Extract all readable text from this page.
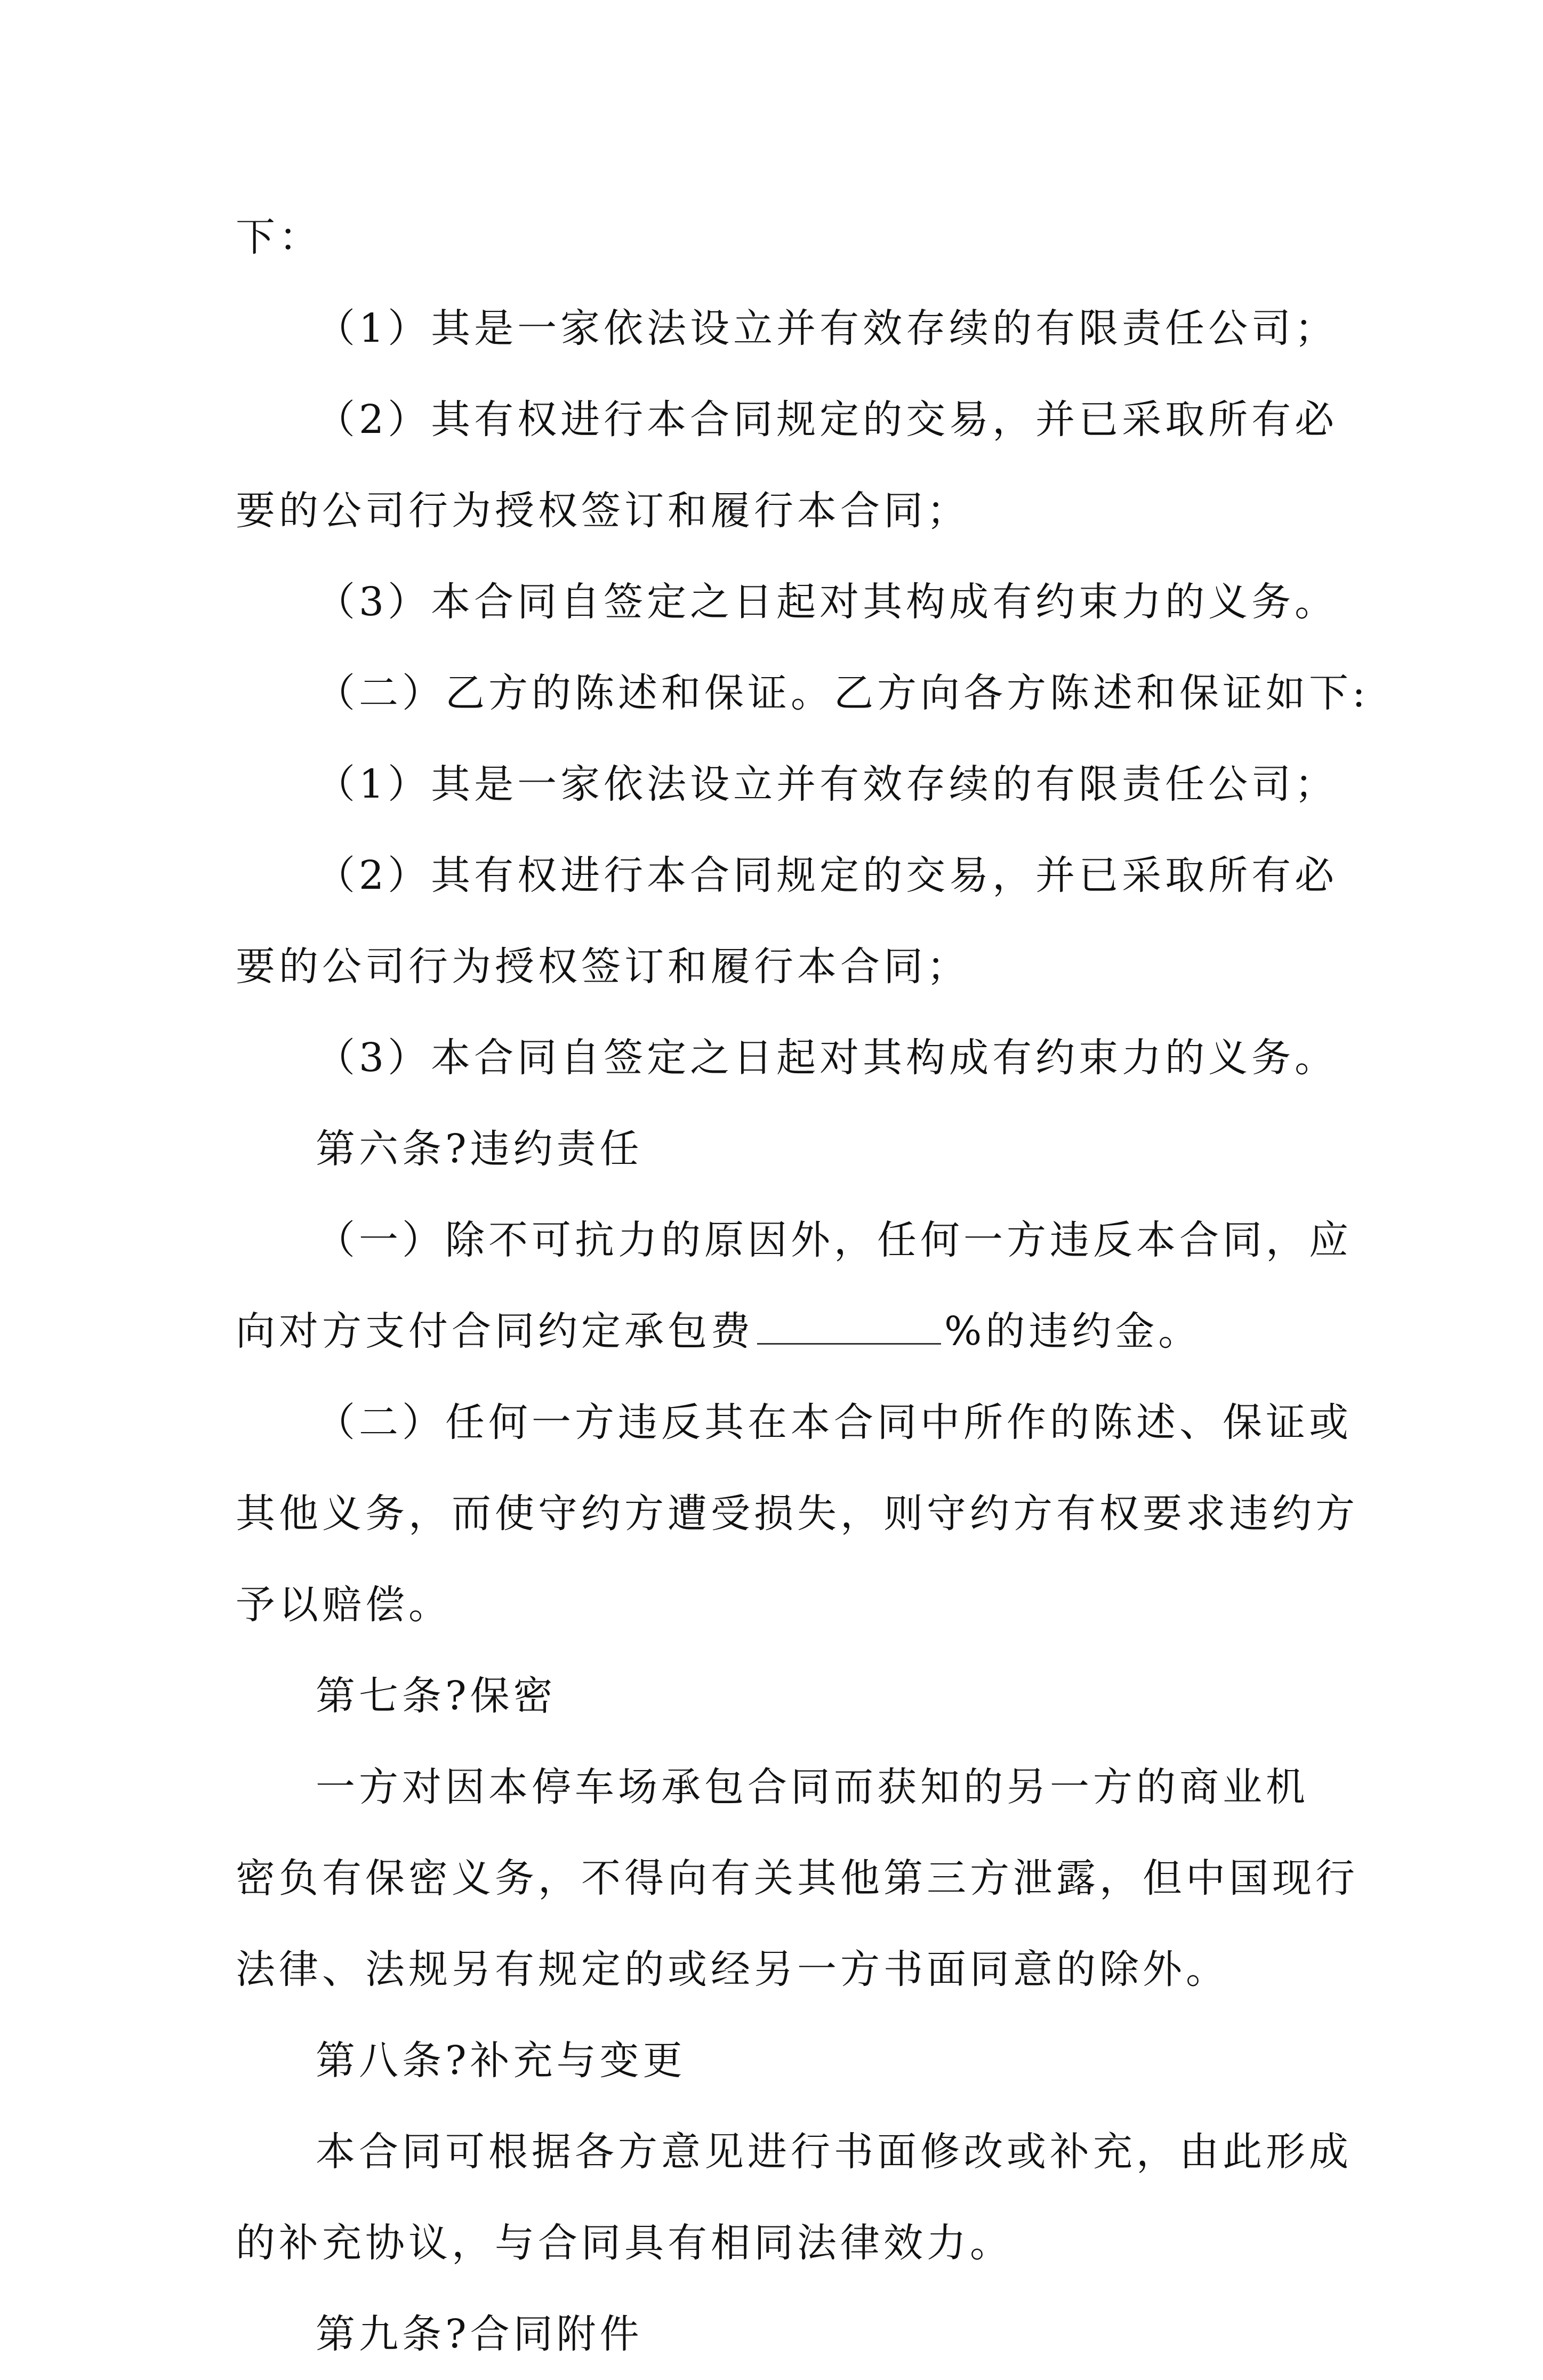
下：
（1）其是一家依法设立并有效存续的有限责任公司；
（2）其有权进行本合同规定的交易，并已采取所有必
要的公司行为授权签订和履行本合同；
（3）本合同自签定之日起对其构成有约束力的义务。
（二）乙方的陈述和保证。乙方向各方陈述和保证如下:
（1）其是一家依法设立并有效存续的有限责任公司；
（2）其有权进行本合同规定的交易，并已采取所有必
要的公司行为授权签订和履行本合同；
（3）本合同自签定之日起对其构成有约束力的义务。
第六条?违约责任
（一）除不可抗力的原因外，任何一方违反本合同，应
向对方支付合同约定承包费	%的违约金。
（二）任何一方违反其在本合同中所作的陈述、保证或
其他义务，而使守约方遭受损失，则守约方有权要求违约方
予以赔偿。
第七条?保密
一方对因本停车场承包合同而获知的另一方的商业机
密负有保密义务，不得向有关其他第三方泄露，但中国现行
法律、法规另有规定的或经另一方书面同意的除外。
第八条?补充与变更
本合同可根据各方意见进行书面修改或补充，由此形成
的补充协议，与合同具有相同法律效力。
第九条?合同附件
